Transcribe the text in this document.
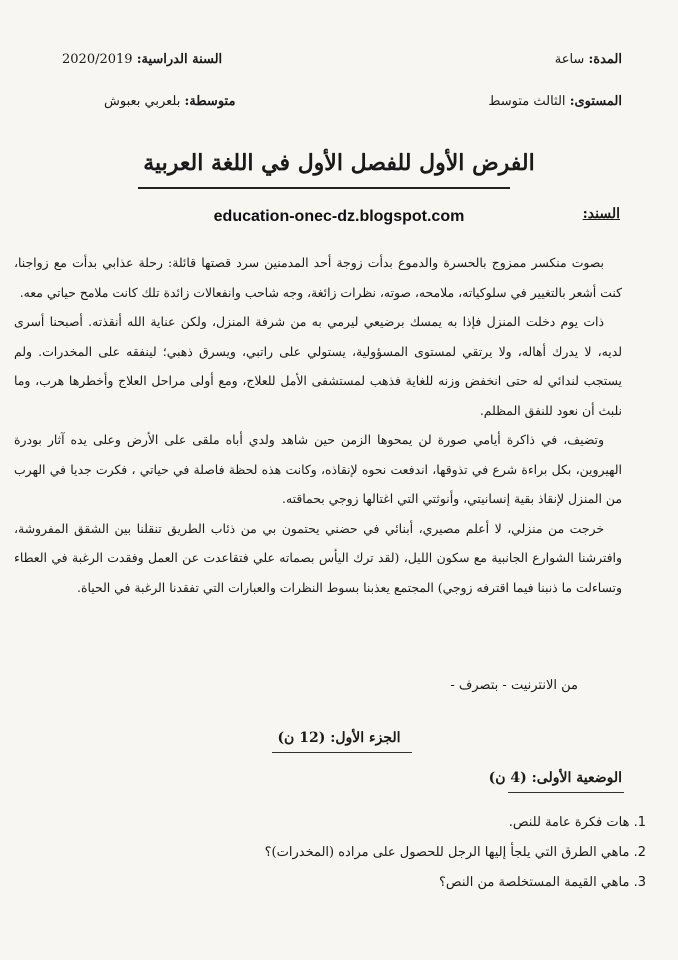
المدة: ساعة
السنة الدراسية: 2020/2019
المستوى: الثالث متوسط
متوسطة: بلعربي بعبوش
الفرض الأول للفصل الأول في اللغة العربية
education-onec-dz.blogspot.com	السند:

بصوت منكسر ممزوج بالحسرة والدموع بدأت زوجة أحد المدمنين سرد قصتها قائلة: رحلة عذابي بدأت مع زواجنا، كنت أشعر بالتغيير في سلوكياته، ملامحه، صوته، نظرات زائغة، وجه شاحب وانفعالات زائدة تلك كانت ملامح حياتي معه.

ذات يوم دخلت المنزل فإذا به يمسك برضيعي ليرمي به من شرفة المنزل، ولكن عناية الله أنقذته. أصبحنا أسرى لديه، لا يدرك أهاله، ولا يرتقي لمستوى المسؤولية، يستولي على راتبي، ويسرق ذهبي؛ لينفقه على المخدرات. ولم يستجب لندائي له حتى انخفض وزنه للغاية فذهب لمستشفى الأمل للعلاج، ومع أولى مراحل العلاج وأخطرها هرب، وما نلبث أن نعود للنفق المظلم.

وتضيف، في ذاكرة أيامي صورة لن يمحوها الزمن حين شاهد ولدي أباه ملقى على الأرض وعلى يده آثار بودرة الهيروين، بكل براءة شرع في تذوقها، اندفعت نحوه لإنقاذه، وكانت هذه لحظة فاصلة في حياتي ، فكرت جديا في الهرب من المنزل لإنقاذ بقية إنسانيتي، وأنوثتي التي اغتالها زوجي بحماقته.

خرجت من منزلي، لا أعلم مصيري، أبنائي في حضني يحتمون بي من ذئاب الطريق تنقلنا بين الشقق المفروشة، وافترشنا الشوارع الجانبية مع سكون الليل، (لقد ترك اليأس بصماته علي فتقاعدت عن العمل وفقدت الرغبة في العطاء وتساءلت ما ذنبنا فيما اقترفه زوجي) المجتمع يعذبنا بسوط النظرات والعبارات التي تفقدنا الرغبة في الحياة.

من الانترنيت - بتصرف -
الجزء الأول: (12 ن)
الوضعية الأولى: (4 ن)
1. هات فكرة عامة للنص.
2. ماهي الطرق التي يلجأ إليها الرجل للحصول على مراده (المخدرات)؟
3. ماهي القيمة المستخلصة من النص؟
